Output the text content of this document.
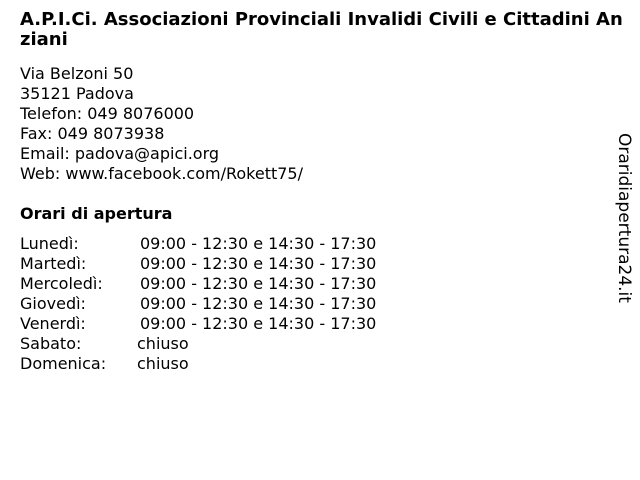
A.P.I.Ci. Associazioni Provinciali Invalidi Civili e Cittadini Anziani
Via Belzoni 50
35121 Padova
Telefon: 049 8076000
Fax: 049 8073938
Email: padova@apici.org
Web: www.facebook.com/Rokett75/
Orari di apertura
Lunedì:	09:00 - 12:30 e 14:30 - 17:30
Martedì:	09:00 - 12:30 e 14:30 - 17:30
Mercoledì: 09:00 - 12:30 e 14:30 - 17:30
Giovedì:	09:00 - 12:30 e 14:30 - 17:30
Venerdì:	09:00 - 12:30 e 14:30 - 17:30
Sabato:	chiuso
Domenica: chiuso
Oraridiapertura24.it
